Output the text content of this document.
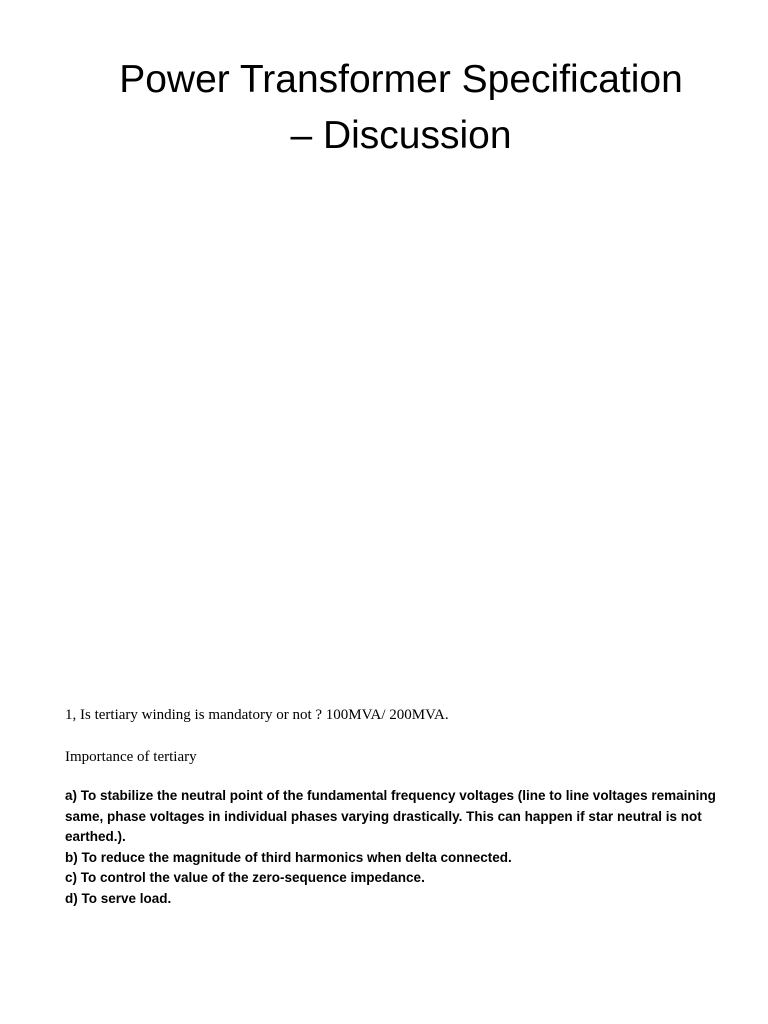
Power Transformer Specification
– Discussion

1, Is tertiary winding is mandatory or not ? 100MVA/ 200MVA.

Importance of tertiary

a) To stabilize the neutral point of the fundamental frequency voltages (line to line voltages remaining same, phase voltages in individual phases varying drastically. This can happen if star neutral is not earthed.).
b) To reduce the magnitude of third harmonics when delta connected.
c) To control the value of the zero-sequence impedance.
d) To serve load.
